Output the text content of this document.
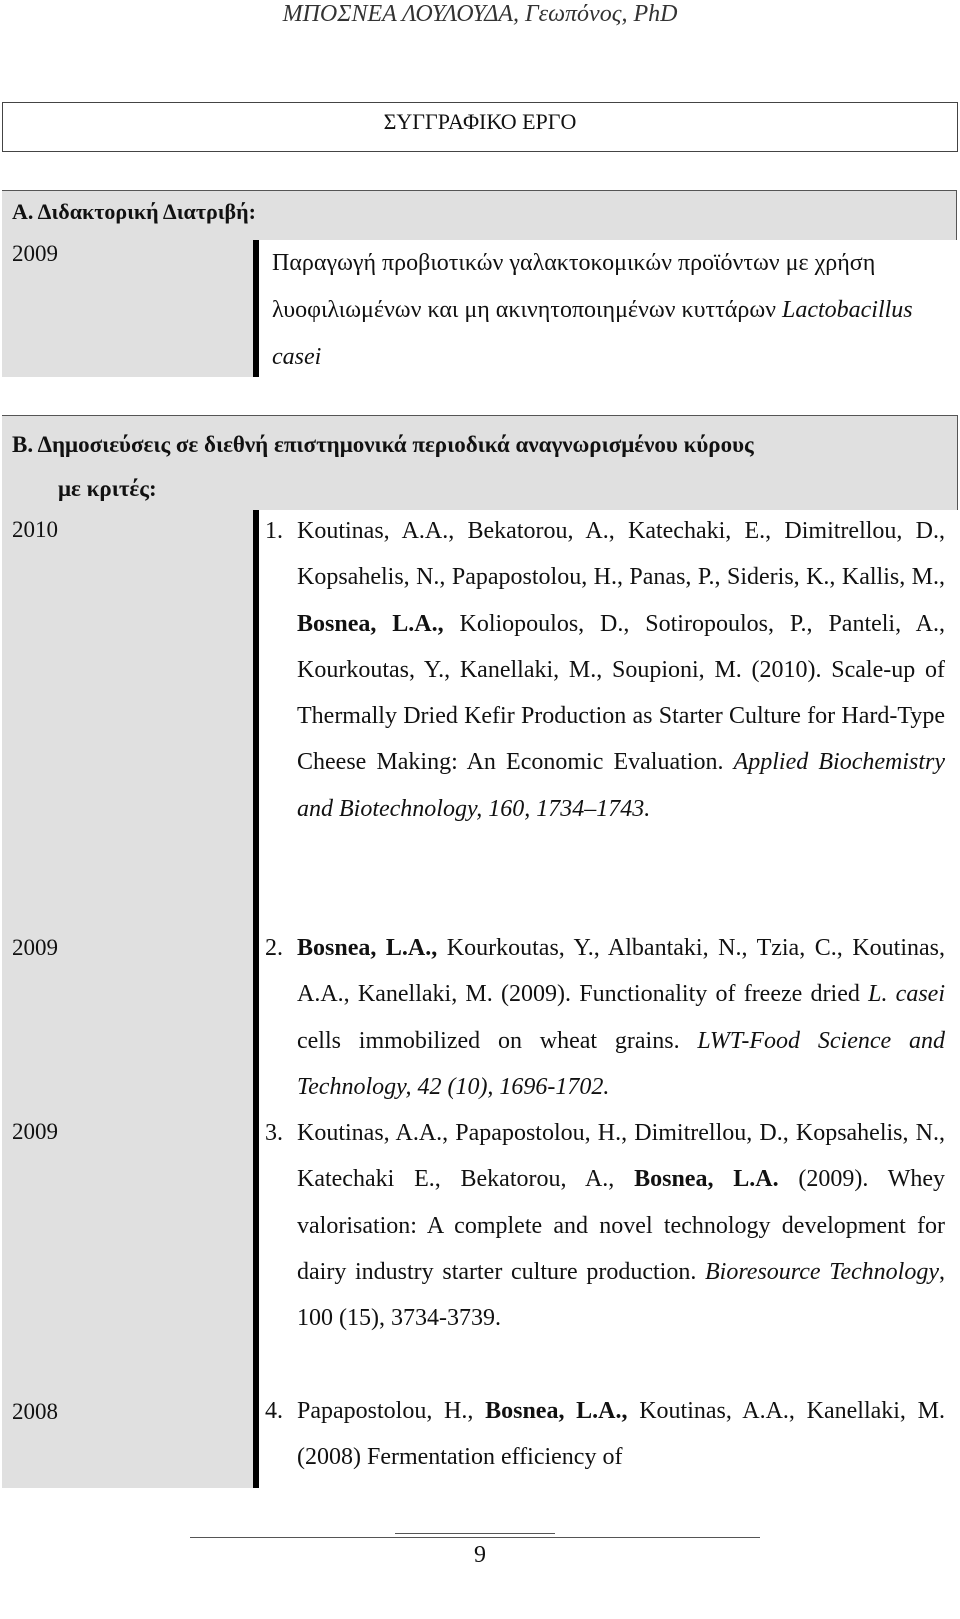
ΜΠΟΣΝΕΑ ΛΟΥΛΟΥΔΑ, Γεωπόνος, PhD
ΣΥΓΓΡΑΦΙΚΟ ΕΡΓΟ
Α. Διδακτορική Διατριβή:
2009	Παραγωγή προβιοτικών γαλακτοκομικών προϊόντων με χρήση λυοφιλιωμένων και μη ακινητοποιημένων κυττάρων Lactobacillus casei
Β. Δημοσιεύσεις σε διεθνή επιστημονικά περιοδικά αναγνωρισμένου κύρους
με κριτές:
2010	1. Koutinas, A.A., Bekatorou, A., Katechaki, E., Dimitrellou, D., Kopsahelis, N., Papapostolou, H., Panas, P., Sideris, K., Kallis, M., Bosnea, L.A., Koliopoulos, D., Sotiropoulos, P., Panteli, A., Kourkoutas, Y., Kanellaki, M., Soupioni, M. (2010). Scale-up of Thermally Dried Kefir Production as Starter Culture for Hard-Type Cheese Making: An Economic Evaluation. Applied Biochemistry and Biotechnology, 160, 1734–1743.
2009	2. Bosnea, L.A., Kourkoutas, Y., Albantaki, N., Tzia, C., Koutinas, A.A., Kanellaki, M. (2009). Functionality of freeze dried L. casei cells immobilized on wheat grains. LWT-Food Science and Technology, 42 (10), 1696-1702.
2009	3. Koutinas, A.A., Papapostolou, H., Dimitrellou, D., Kopsahelis, N., Katechaki E., Bekatorou, A., Bosnea, L.A. (2009). Whey valorisation: A complete and novel technology development for dairy industry starter culture production. Bioresource Technology, 100 (15), 3734-3739.
2008	4. Papapostolou, H., Bosnea, L.A., Koutinas, A.A., Kanellaki, M. (2008) Fermentation efficiency of
9
